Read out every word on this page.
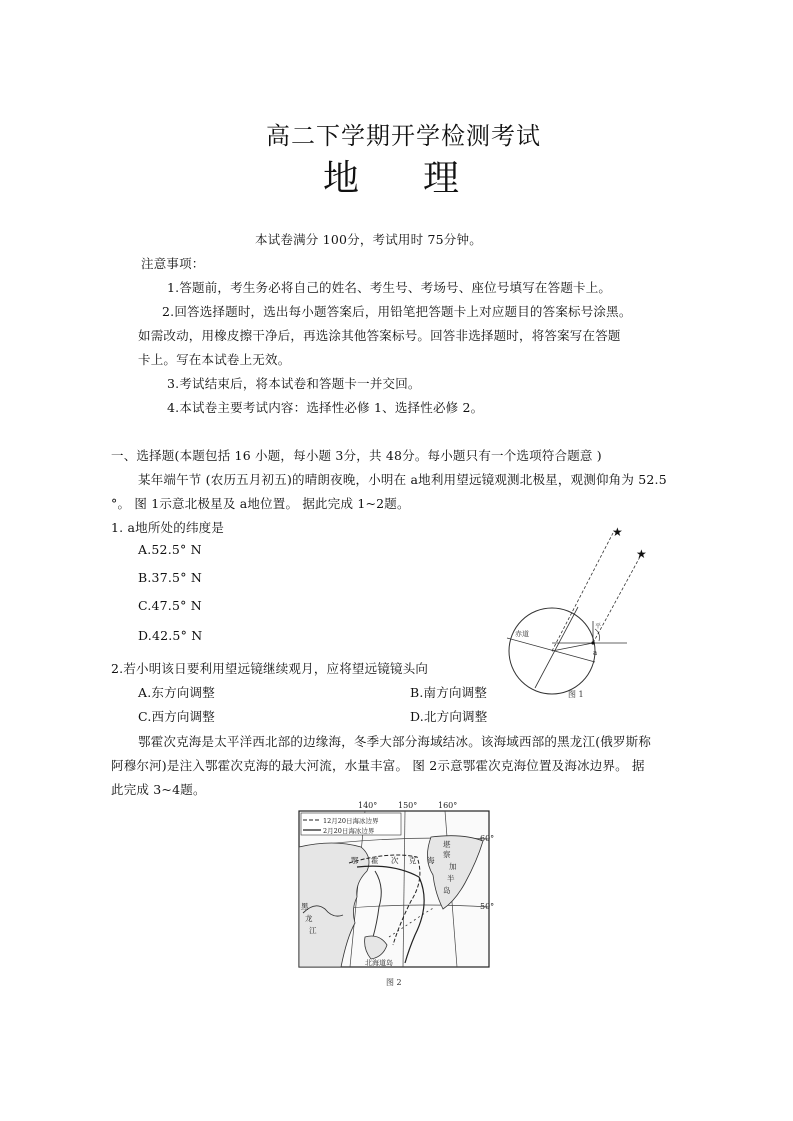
高二下学期开学检测考试
地 理
本试卷满分 100分，考试用时 75分钟。
注意事项：
1.答题前，考生务必将自己的姓名、考生号、考场号、座位号填写在答题卡上。
2.回答选择题时，选出每小题答案后，用铅笔把答题卡上对应题目的答案标号涂黑。
如需改动，用橡皮擦干净后，再选涂其他答案标号。回答非选择题时，将答案写在答题
卡上。写在本试卷上无效。
3.考试结束后，将本试卷和答题卡一并交回。
4.本试卷主要考试内容：选择性必修 1、选择性必修 2。
一、选择题(本题包括 16 小题，每小题 3分，共 48分。每小题只有一个选项符合题意 )
某年端午节 (农历五月初五)的晴朗夜晚，小明在 a地利用望远镜观测北极星，观测仰角为 52.5
°。 图 1示意北极星及 a地位置。 据此完成 1~2题。
1. a地所处的纬度是
A.52.5° N
B.37.5° N
C.47.5° N
D.42.5° N
2.若小明该日要利用望远镜继续观月，应将望远镜镜头向
A.东方向调整	B.南方向调整
C.西方向调整	D.北方向调整
★
★
a
平
赤道
图 1
鄂霍次克海是太平洋西北部的边缘海，冬季大部分海域结冰。该海域西部的黑龙江(俄罗斯称
阿穆尔河)是注入鄂霍次克海的最大河流，水量丰富。 图 2示意鄂霍次克海位置及海冰边界。 据
此完成 3~4题。
12月20日海冰边界
2月20日海冰边界
140°	150°	160°
60°
50°
鄂 霍 次 克 海
堪
察
加
半
岛
黑
龙
江
北海道岛
图 2
